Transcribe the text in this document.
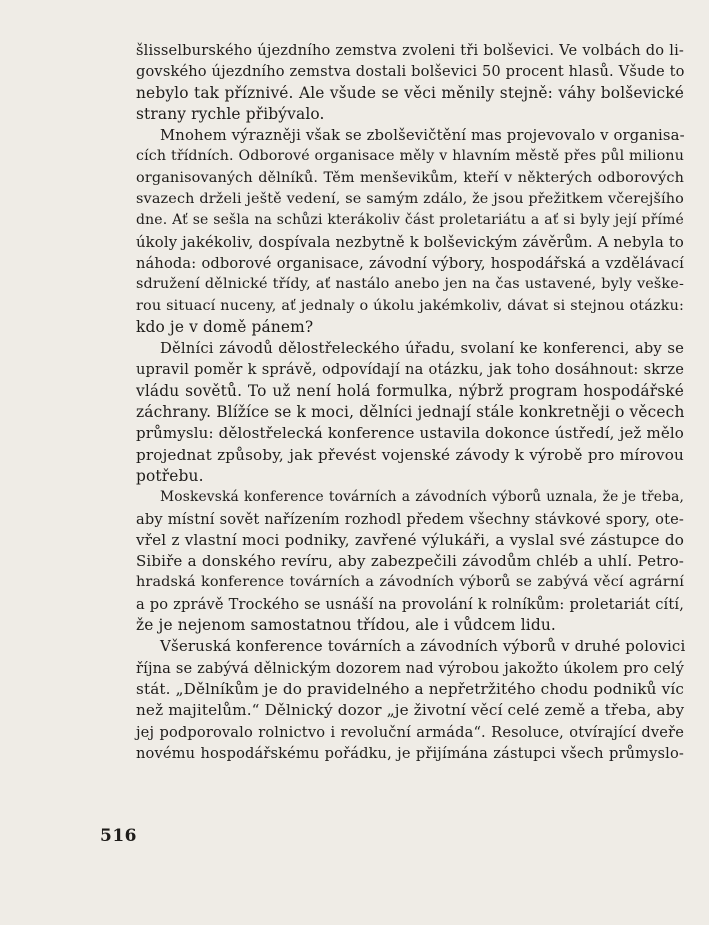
šlisselburského újezdního zemstva zvoleni tři bolševici. Ve volbách do li-
govského újezdního zemstva dostali bolševici 50 procent hlasů. Všude to
nebylo tak příznivé. Ale všude se věci měnily stejně: váhy bolševické
strany rychle přibývalo.
Mnohem výrazněji však se zbolševičtění mas projevovalo v organisa-
cích třídních. Odborové organisace měly v hlavním městě přes půl milionu
organisovaných dělníků. Těm menševikům, kteří v některých odborových
svazech drželi ještě vedení, se samým zdálo, že jsou přežitkem včerejšího
dne. Ať se sešla na schůzi kterákoliv část proletariátu a ať si byly její přímé
úkoly jakékoliv, dospívala nezbytně k bolševickým závěrům. A nebyla to
náhoda: odborové organisace, závodní výbory, hospodářská a vzdělávací
sdružení dělnické třídy, ať nastálo anebo jen na čas ustavené, byly veške-
rou situací nuceny, ať jednaly o úkolu jakémkoliv, dávat si stejnou otázku:
kdo je v domě pánem?
Dělníci závodů dělostřeleckého úřadu, svolaní ke konferenci, aby se
upravil poměr k správě, odpovídají na otázku, jak toho dosáhnout: skrze
vládu sovětů. To už není holá formulka, nýbrž program hospodářské
záchrany. Blížíce se k moci, dělníci jednají stále konkretněji o věcech
průmyslu: dělostřelecká konference ustavila dokonce ústředí, jež mělo
projednat způsoby, jak převést vojenské závody k výrobě pro mírovou
potřebu.
Moskevská konference továrních a závodních výborů uznala, že je třeba,
aby místní sovět nařízením rozhodl předem všechny stávkové spory, ote-
vřel z vlastní moci podniky, zavřené výlukáři, a vyslal své zástupce do
Sibiře a donského revíru, aby zabezpečili závodům chléb a uhlí. Petro-
hradská konference továrních a závodních výborů se zabývá věcí agrární
a po zprávě Trockého se usnáší na provolání k rolníkům: proletariát cítí,
že je nejenom samostatnou třídou, ale i vůdcem lidu.
Všeruská konference továrních a závodních výborů v druhé polovici
října se zabývá dělnickým dozorem nad výrobou jakožto úkolem pro celý
stát. „Dělníkům je do pravidelného a nepřetržitého chodu podniků víc
než majitelům.“ Dělnický dozor „je životní věcí celé země a třeba, aby
jej podporovalo rolnictvo i revoluční armáda“. Resoluce, otvírající dveře
novému hospodářskému pořádku, je přijímána zástupci všech průmyslo-
516
